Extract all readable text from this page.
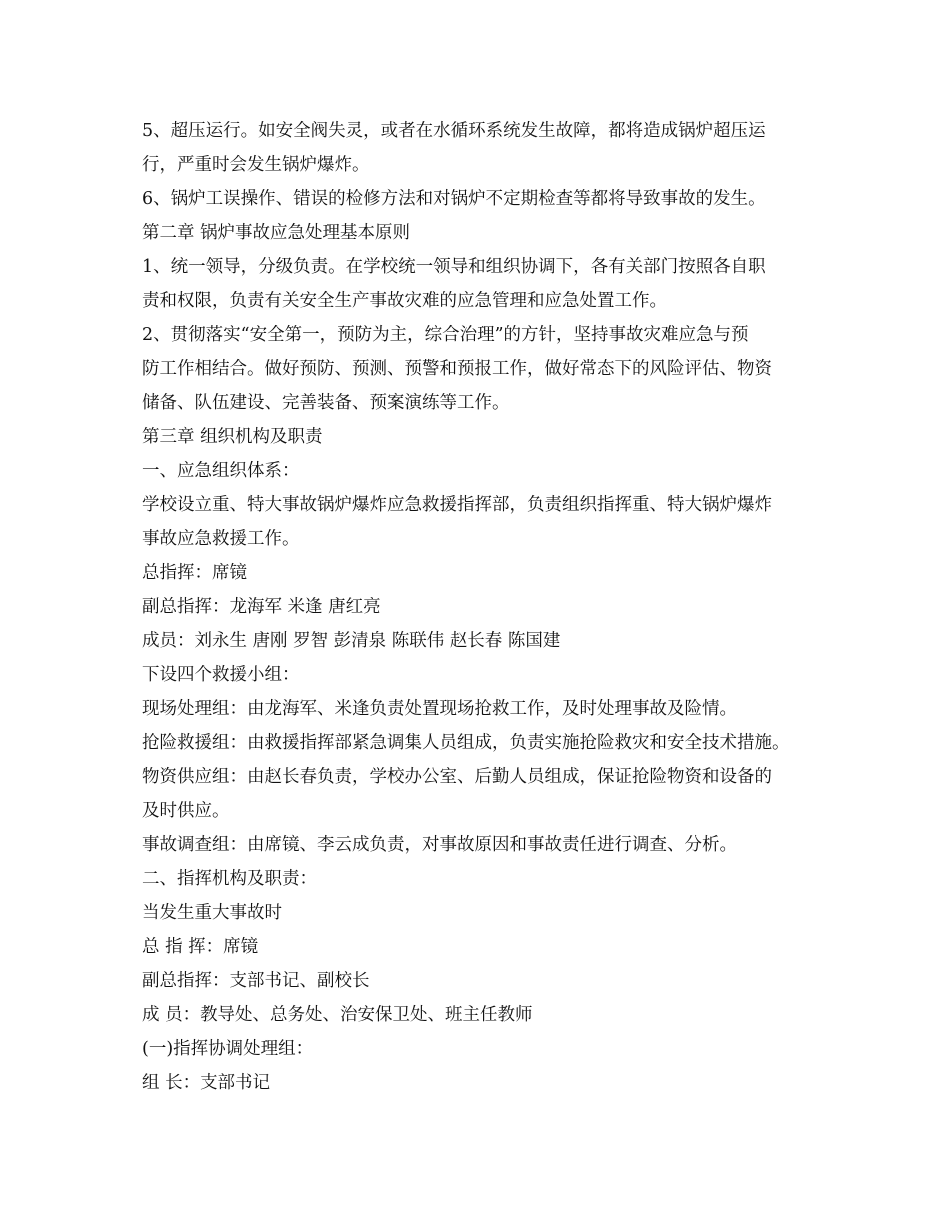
5、超压运行。如安全阀失灵，或者在水循环系统发生故障，都将造成锅炉超压运
行，严重时会发生锅炉爆炸。
6、锅炉工误操作、错误的检修方法和对锅炉不定期检查等都将导致事故的发生。
第二章 锅炉事故应急处理基本原则
1、统一领导，分级负责。在学校统一领导和组织协调下，各有关部门按照各自职
责和权限，负责有关安全生产事故灾难的应急管理和应急处置工作。
2、贯彻落实“安全第一，预防为主，综合治理”的方针，坚持事故灾难应急与预
防工作相结合。做好预防、预测、预警和预报工作，做好常态下的风险评估、物资
储备、队伍建设、完善装备、预案演练等工作。
第三章 组织机构及职责
一、应急组织体系：
学校设立重、特大事故锅炉爆炸应急救援指挥部，负责组织指挥重、特大锅炉爆炸
事故应急救援工作。
总指挥：席镜
副总指挥：龙海军 米逢 唐红亮
成员：刘永生 唐刚 罗智 彭清泉 陈联伟 赵长春 陈国建
下设四个救援小组：
现场处理组：由龙海军、米逢负责处置现场抢救工作，及时处理事故及险情。
抢险救援组：由救援指挥部紧急调集人员组成，负责实施抢险救灾和安全技术措施。
物资供应组：由赵长春负责，学校办公室、后勤人员组成，保证抢险物资和设备的
及时供应。
事故调查组：由席镜、李云成负责，对事故原因和事故责任进行调查、分析。
二、指挥机构及职责：
当发生重大事故时
总 指 挥：席镜
副总指挥：支部书记、副校长
成 员：教导处、总务处、治安保卫处、班主任教师
(一)指挥协调处理组：
组 长：支部书记
